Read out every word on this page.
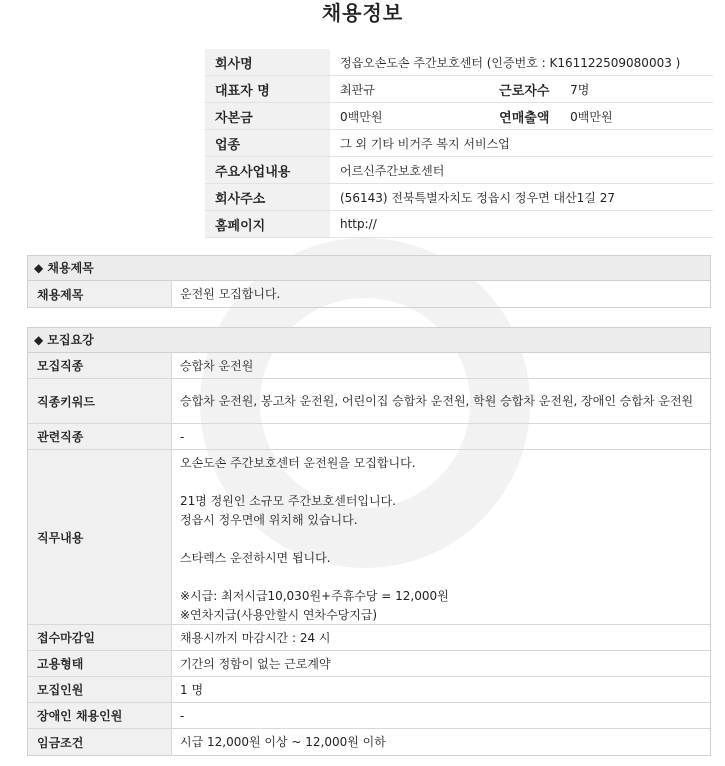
채용정보
회사명	정읍오손도손 주간보호센터 (인증번호 : K161122509080003 )		
대표자 명	최판규	근로자수	7명
자본금	0백만원	연매출액	0백만원
업종	그 외 기타 비거주 복지 서비스업		
주요사업내용	어르신주간보호센터		
회사주소	(56143) 전북특별자치도 정읍시 정우면 대산1길 27		
홈페이지	http://		
◆ 채용제목
채용제목	운전원 모집합니다.
◆ 모집요강
모집직종	승합차 운전원
직종키워드	승합차 운전원, 봉고차 운전원, 어린이집 승합차 운전원, 학원 승합차 운전원, 장애인 승합차 운전원
관련직종	-
직무내용

오손도손 주간보호센터 운전원을 모집합니다.

21명 정원인 소규모 주간보호센터입니다.

정읍시 정우면에 위치해 있습니다.

스타렉스 운전하시면 됩니다.

※시급: 최저시급10,030원+주휴수당 = 12,000원

※연차지급(사용안할시 연차수당지급)

접수마감일	채용시까지 마감시간 : 24 시
고용형태	기간의 정함이 없는 근로계약
모집인원	1 명
장애인 채용인원	-
임금조건	시급 12,000원 이상 ~ 12,000원 이하
